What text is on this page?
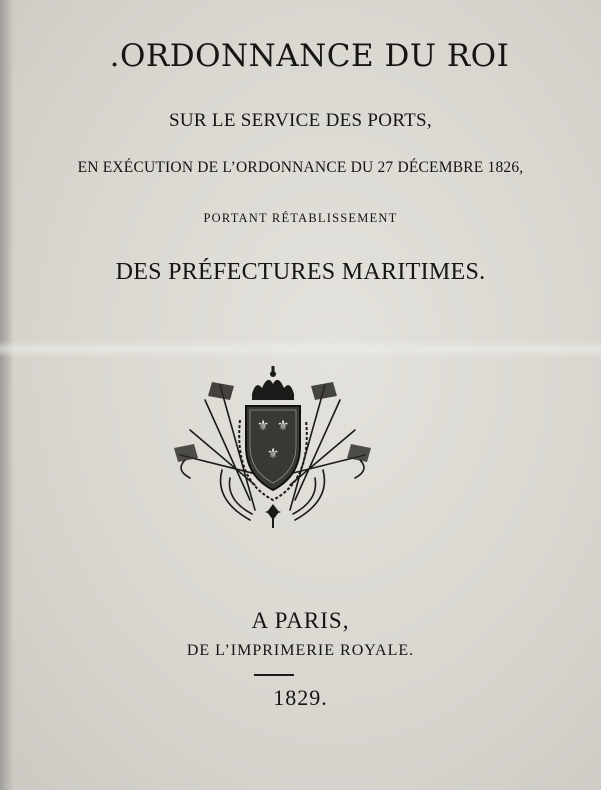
.ORDONNANCE DU ROI
SUR LE SERVICE DES PORTS,
EN EXÉCUTION DE L’ORDONNANCE DU 27 DÉCEMBRE 1826,
PORTANT RÉTABLISSEMENT
DES PRÉFECTURES MARITIMES.
⚜ ⚜
⚜
A PARIS,
DE L’IMPRIMERIE ROYALE.
1829.
